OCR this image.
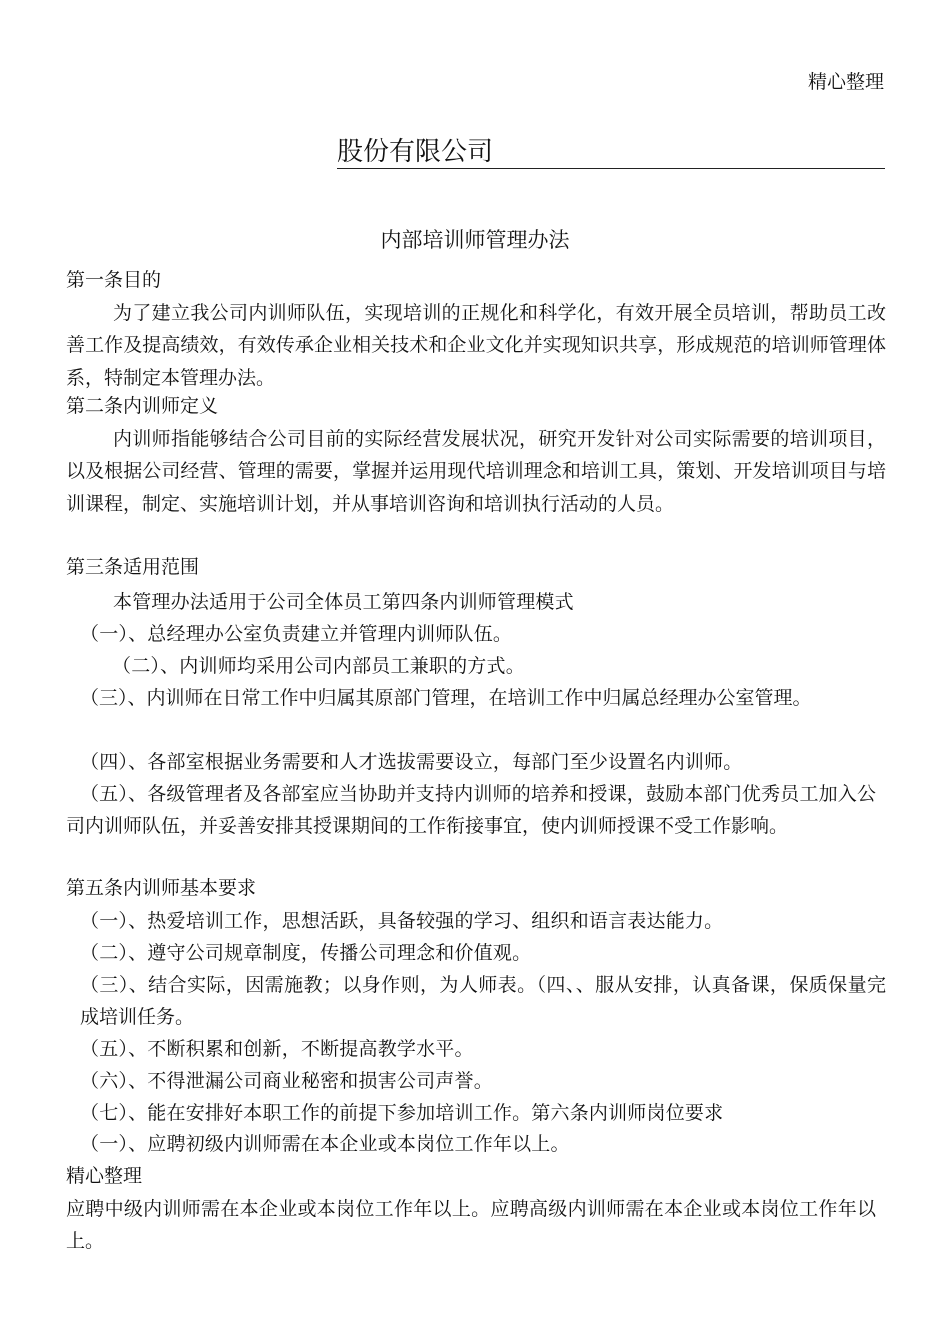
精心整理
股份有限公司
内部培训师管理办法
第一条目的
为了建立我公司内训师队伍，实现培训的正规化和科学化，有效开展全员培训，帮助员工改善工作及提高绩效，有效传承企业相关技术和企业文化并实现知识共享，形成规范的培训师管理体系，特制定本管理办法。
第二条内训师定义
内训师指能够结合公司目前的实际经营发展状况，研究开发针对公司实际需要的培训项目，以及根据公司经营、管理的需要，掌握并运用现代培训理念和培训工具，策划、开发培训项目与培训课程，制定、实施培训计划，并从事培训咨询和培训执行活动的人员。
第三条适用范围
本管理办法适用于公司全体员工第四条内训师管理模式
（一）、总经理办公室负责建立并管理内训师队伍。
（二）、内训师均采用公司内部员工兼职的方式。
（三）、内训师在日常工作中归属其原部门管理，在培训工作中归属总经理办公室管理。
（四）、各部室根据业务需要和人才选拔需要设立，每部门至少设置名内训师。
（五）、各级管理者及各部室应当协助并支持内训师的培养和授课，鼓励本部门优秀员工加入公司内训师队伍，并妥善安排其授课期间的工作衔接事宜，使内训师授课不受工作影响。
第五条内训师基本要求
（一）、热爱培训工作，思想活跃，具备较强的学习、组织和语言表达能力。
（二）、遵守公司规章制度，传播公司理念和价值观。
（三）、结合实际，因需施教；以身作则，为人师表。（四、、服从安排，认真备课，保质保量完成培训任务。
（五）、不断积累和创新，不断提高教学水平。
（六）、不得泄漏公司商业秘密和损害公司声誉。
（七）、能在安排好本职工作的前提下参加培训工作。第六条内训师岗位要求
（一）、应聘初级内训师需在本企业或本岗位工作年以上。
精心整理
应聘中级内训师需在本企业或本岗位工作年以上。应聘高级内训师需在本企业或本岗位工作年以上。
